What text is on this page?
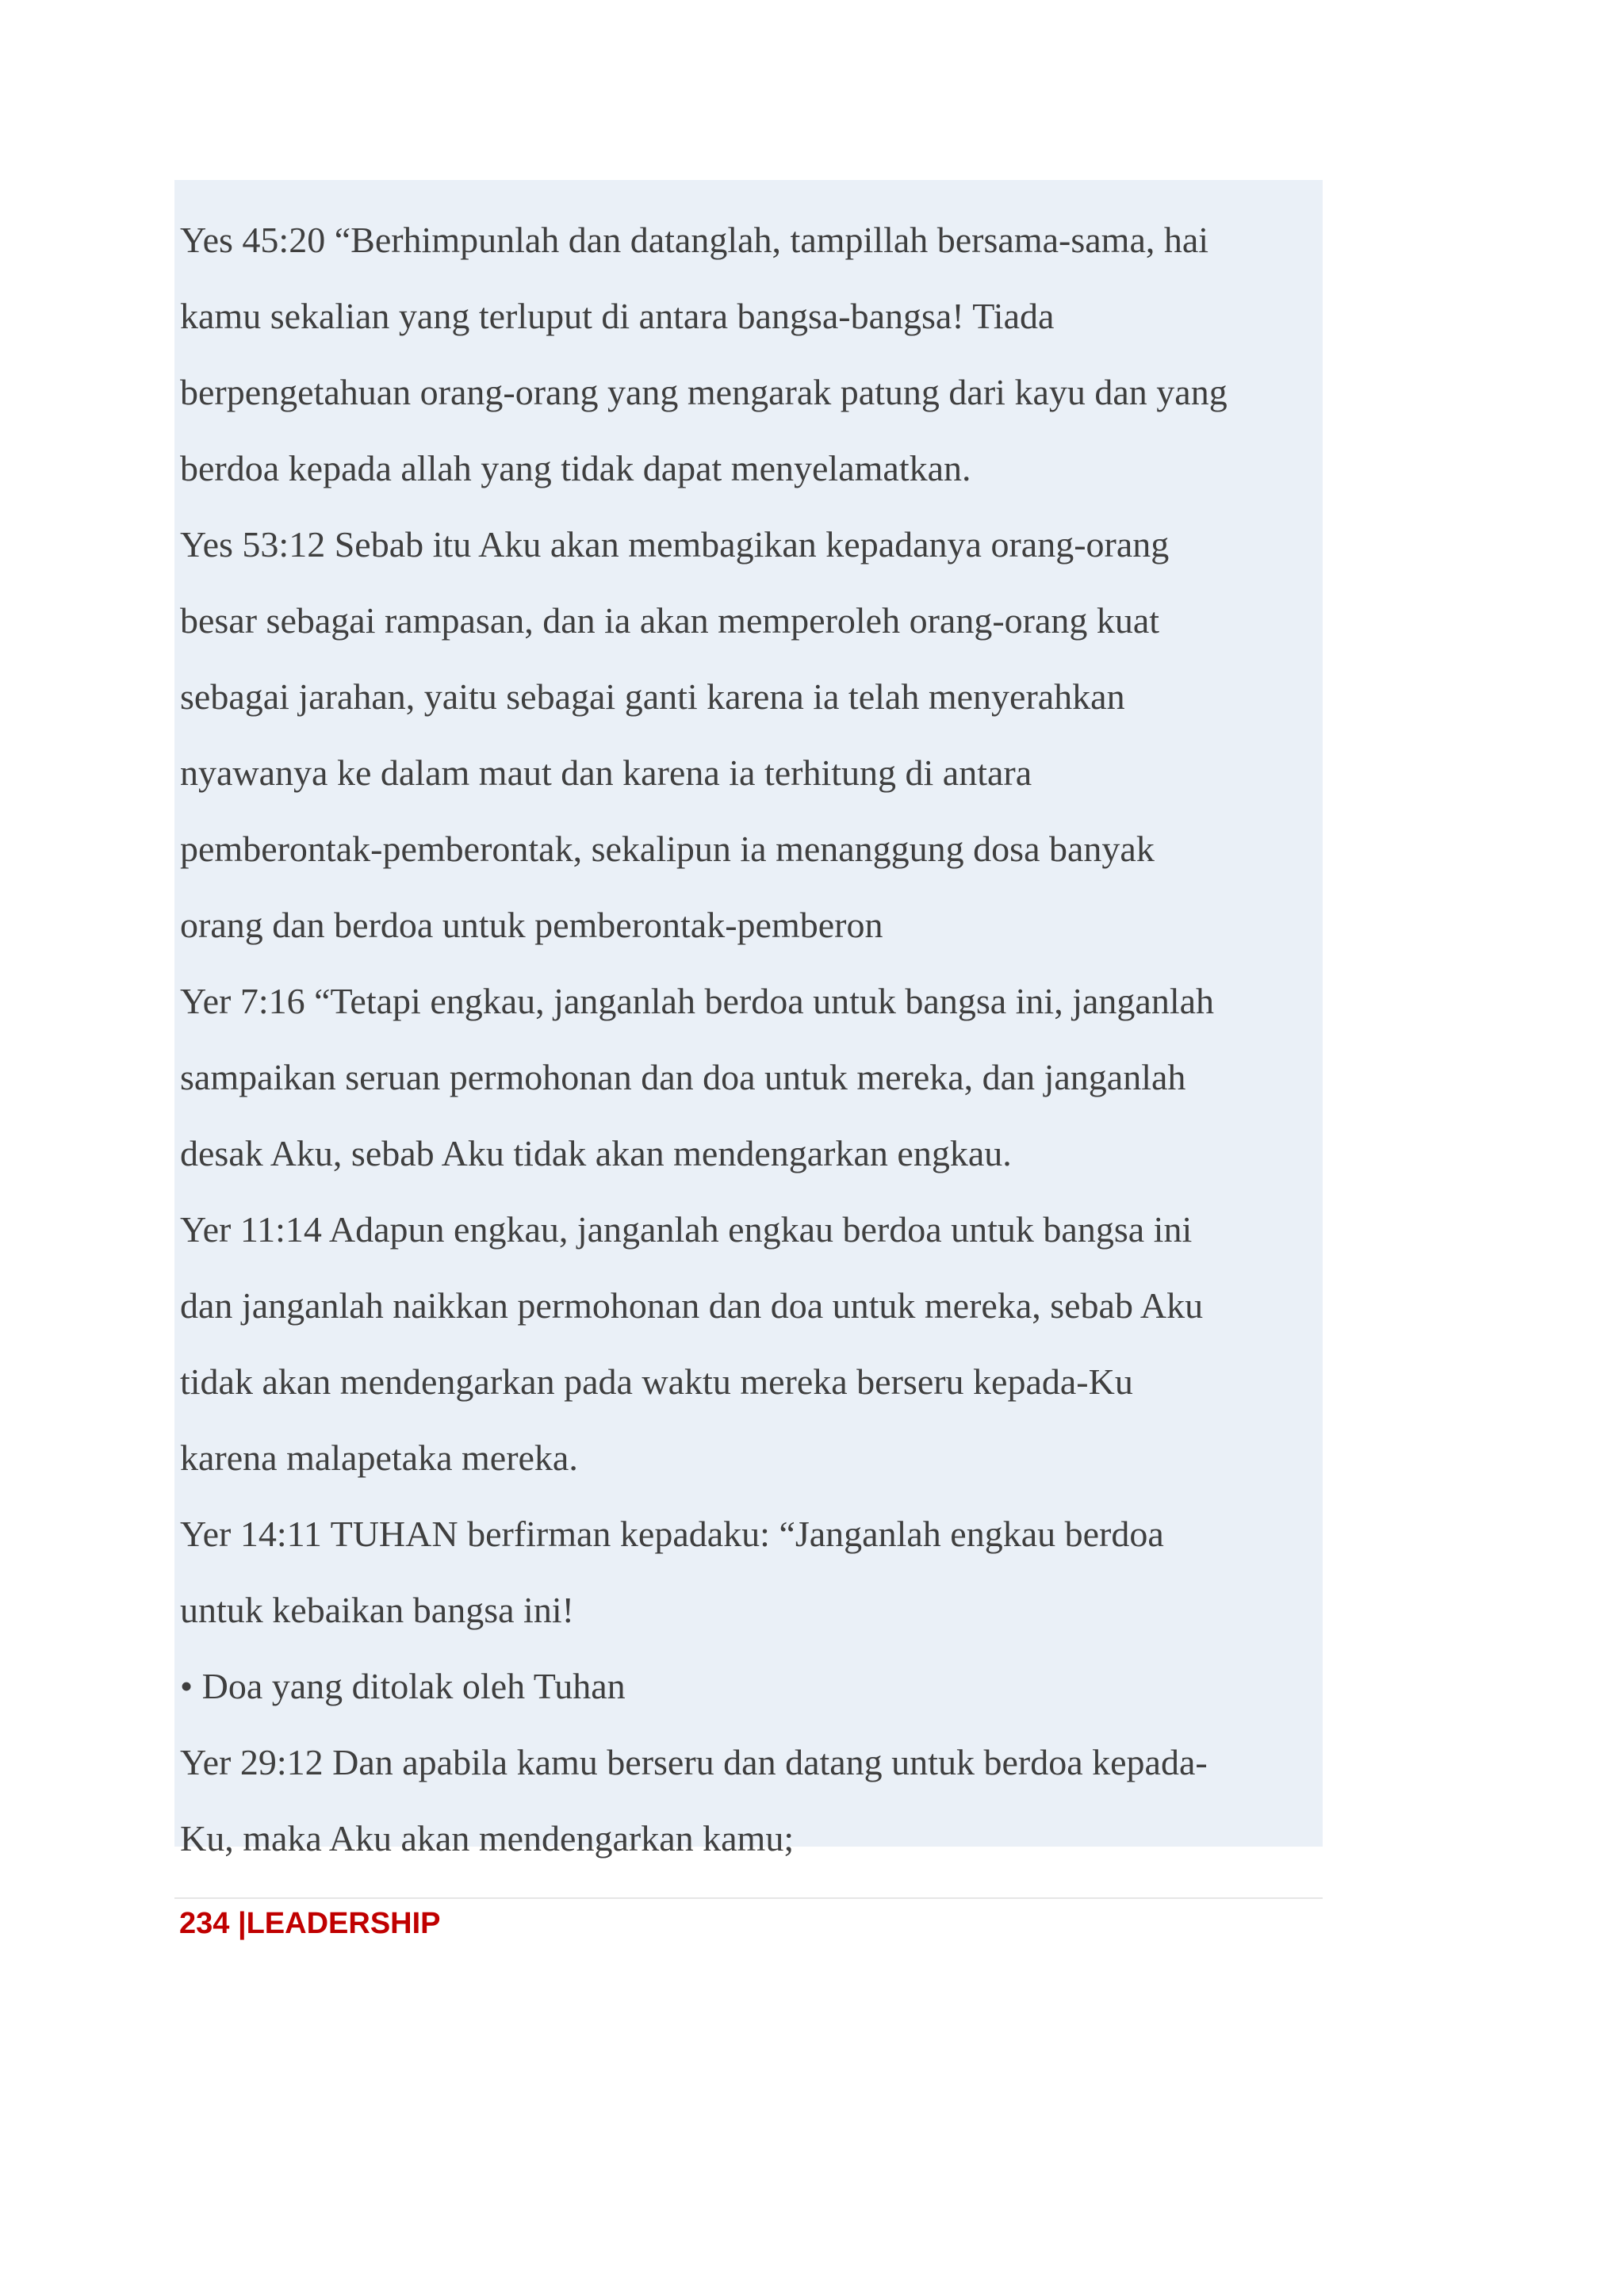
Yes 45:20 “Berhimpunlah dan datanglah, tampillah bersama-sama, hai
kamu sekalian yang terluput di antara bangsa-bangsa! Tiada
berpengetahuan orang-orang yang mengarak patung dari kayu dan yang
berdoa kepada allah yang tidak dapat menyelamatkan.
Yes 53:12 Sebab itu Aku akan membagikan kepadanya orang-orang
besar sebagai rampasan, dan ia akan memperoleh orang-orang kuat
sebagai jarahan, yaitu sebagai ganti karena ia telah menyerahkan
nyawanya ke dalam maut dan karena ia terhitung di antara
pemberontak-pemberontak, sekalipun ia menanggung dosa banyak
orang dan berdoa untuk pemberontak-pemberon
Yer 7:16 “Tetapi engkau, janganlah berdoa untuk bangsa ini, janganlah
sampaikan seruan permohonan dan doa untuk mereka, dan janganlah
desak Aku, sebab Aku tidak akan mendengarkan engkau.
Yer 11:14 Adapun engkau, janganlah engkau berdoa untuk bangsa ini
dan janganlah naikkan permohonan dan doa untuk mereka, sebab Aku
tidak akan mendengarkan pada waktu mereka berseru kepada-Ku
karena malapetaka mereka.
Yer 14:11 TUHAN berfirman kepadaku: “Janganlah engkau berdoa
untuk kebaikan bangsa ini!
• Doa yang ditolak oleh Tuhan
Yer 29:12 Dan apabila kamu berseru dan datang untuk berdoa kepada-
Ku, maka Aku akan mendengarkan kamu;
234 |LEADERSHIP
